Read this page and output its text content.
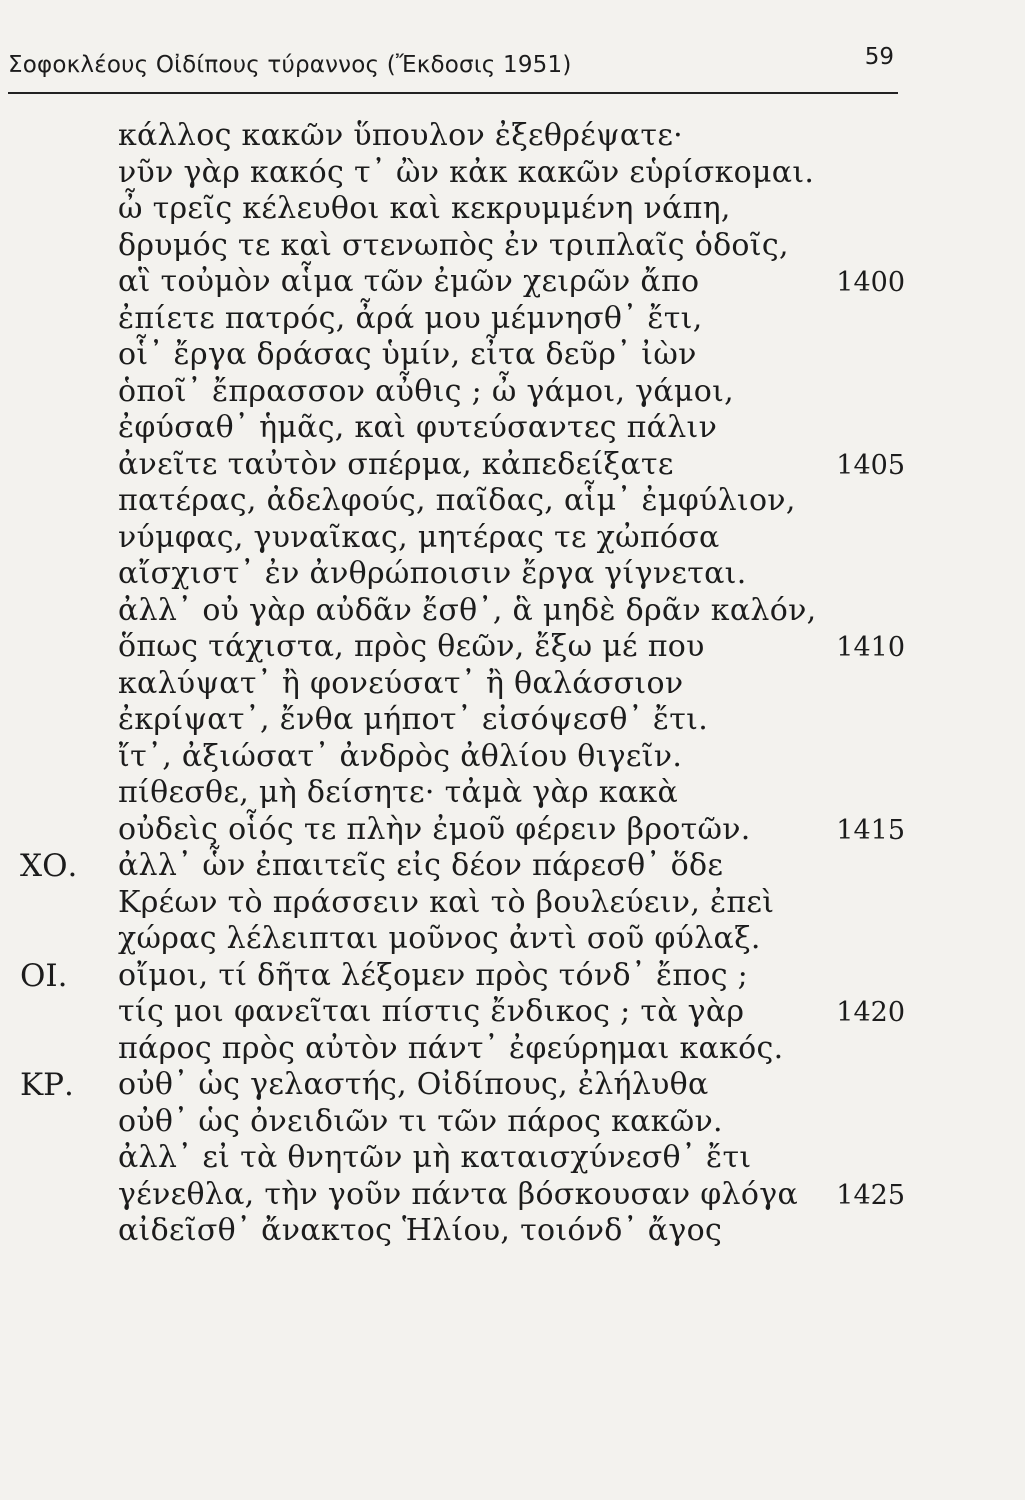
Σοφοκλέους Οἰδίπους τύραννος (Ἔκδοσις 1951)	59
κάλλος κακῶν ὕπουλον ἐξεθρέψατε·
νῦν γὰρ κακός τ᾽ ὢν κἀκ κακῶν εὑρίσκομαι.
ὦ τρεῖς κέλευθοι καὶ κεκρυμμένη νάπη,
δρυμός τε καὶ στενωπὸς ἐν τριπλαῖς ὁδοῖς,
αἳ τοὐμὸν αἷμα τῶν ἐμῶν χειρῶν ἄπο	1400
ἐπίετε πατρός, ἆρά μου μέμνησθ᾽ ἔτι,
οἷ᾽ ἔργα δράσας ὑμίν, εἶτα δεῦρ᾽ ἰὼν
ὁποῖ᾽ ἔπρασσον αὖθις ; ὦ γάμοι, γάμοι,
ἐφύσαθ᾽ ἡμᾶς, καὶ φυτεύσαντες πάλιν
ἀνεῖτε ταὐτὸν σπέρμα, κἀπεδείξατε	1405
πατέρας, ἀδελφούς, παῖδας, αἷμ᾽ ἐμφύλιον,
νύμφας, γυναῖκας, μητέρας τε χὠπόσα
αἴσχιστ᾽ ἐν ἀνθρώποισιν ἔργα γίγνεται.
ἀλλ᾽ οὐ γὰρ αὐδᾶν ἔσθ᾽, ἃ μηδὲ δρᾶν καλόν,
ὅπως τάχιστα, πρὸς θεῶν, ἔξω μέ που	1410
καλύψατ᾽ ἢ φονεύσατ᾽ ἢ θαλάσσιον
ἐκρίψατ᾽, ἔνθα μήποτ᾽ εἰσόψεσθ᾽ ἔτι.
ἴτ᾽, ἀξιώσατ᾽ ἀνδρὸς ἀθλίου θιγεῖν.
πίθεσθε, μὴ δείσητε· τἀμὰ γὰρ κακὰ
οὐδεὶς οἷός τε πλὴν ἐμοῦ φέρειν βροτῶν.	1415
ΧΟ. ἀλλ᾽ ὧν ἐπαιτεῖς εἰς δέον πάρεσθ᾽ ὅδε
Κρέων τὸ πράσσειν καὶ τὸ βουλεύειν, ἐπεὶ
χώρας λέλειπται μοῦνος ἀντὶ σοῦ φύλαξ.
ΟΙ. οἴμοι, τί δῆτα λέξομεν πρὸς τόνδ᾽ ἔπος ;
τίς μοι φανεῖται πίστις ἔνδικος ; τὰ γὰρ	1420
πάρος πρὸς αὐτὸν πάντ᾽ ἐφεύρημαι κακός.
ΚΡ. οὐθ᾽ ὡς γελαστής, Οἰδίπους, ἐλήλυθα
οὐθ᾽ ὡς ὀνειδιῶν τι τῶν πάρος κακῶν.
ἀλλ᾽ εἰ τὰ θνητῶν μὴ καταισχύνεσθ᾽ ἔτι
γένεθλα, τὴν γοῦν πάντα βόσκουσαν φλόγα 1425
αἰδεῖσθ᾽ ἄνακτος Ἡλίου, τοιόνδ᾽ ἄγος
